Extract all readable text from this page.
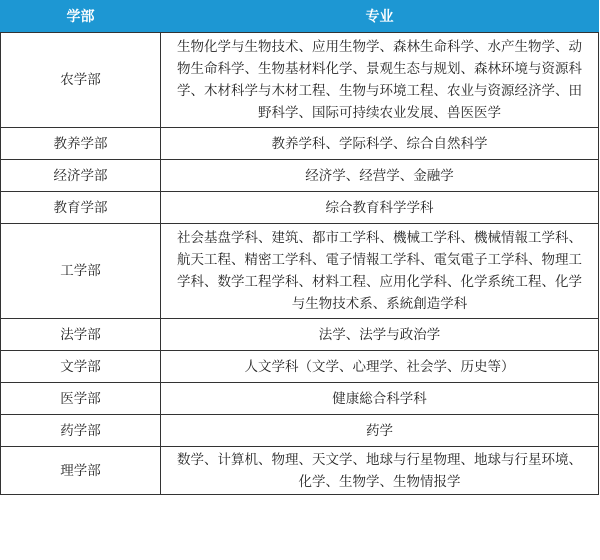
学部	专业
农学部	生物化学与生物技术、应用生物学、森林生命科学、水产生物学、动物生命科学、生物基材料化学、景观生态与规划、森林环境与资源科学、木材科学与木材工程、生物与环境工程、农业与资源经济学、田野科学、国际可持续农业发展、兽医医学
教养学部	教养学科、学际科学、综合自然科学
经济学部	经济学、经营学、金融学
教育学部	综合教育科学学科
工学部	社会基盘学科、建筑、都市工学科、機械工学科、機械情報工学科、航天工程、精密工学科、電子情報工学科、電気電子工学科、物理工学科、数学工程学科、材料工程、应用化学科、化学系统工程、化学与生物技术系、系統創造学科
法学部	法学、法学与政治学
文学部	人文学科（文学、心理学、社会学、历史等）
医学部	健康総合科学科
药学部	药学
理学部	数学、计算机、物理、天文学、地球与行星物理、地球与行星环境、化学、生物学、生物情报学
